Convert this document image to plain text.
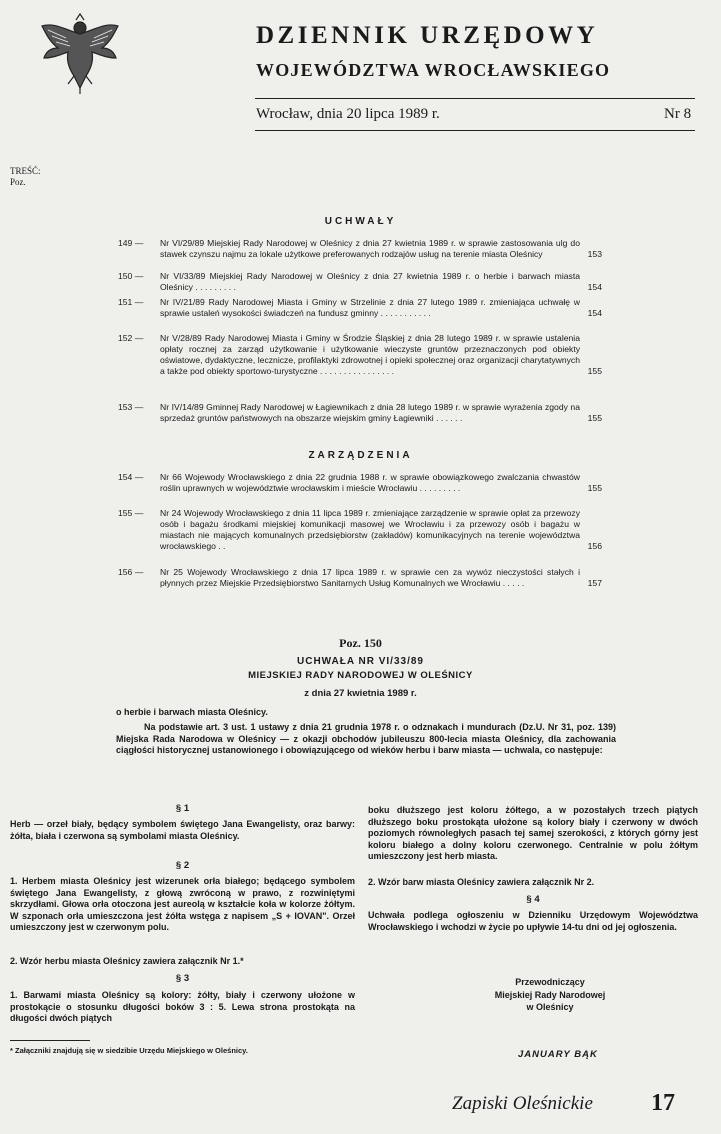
DZIENNIK URZĘDOWY
WOJEWÓDZTWA WROCŁAWSKIEGO
Wrocław, dnia 20 lipca 1989 r.	Nr 8
TREŚĆ:
Poz.
UCHWAŁY
149 —	Nr VI/29/89 Miejskiej Rady Narodowej w Oleśnicy z dnia 27 kwietnia 1989 r. w sprawie zastosowania ulg do stawek czynszu najmu za lokale użytkowe preferowanych rodzajów usług na terenie miasta Oleśnicy	153
150 —	Nr VI/33/89 Miejskiej Rady Narodowej w Oleśnicy z dnia 27 kwietnia 1989 r. o herbie i barwach miasta Oleśnicy . . . . . . . . .	154
151 —	Nr IV/21/89 Rady Narodowej Miasta i Gminy w Strzelinie z dnia 27 lutego 1989 r. zmieniająca uchwałę w sprawie ustaleń wysokości świadczeń na fundusz gminny . . . . . . . . . . .	154
152 —	Nr V/28/89 Rady Narodowej Miasta i Gminy w Środzie Śląskiej z dnia 28 lutego 1989 r. w sprawie ustalenia opłaty rocznej za zarząd użytkowanie i użytkowanie wieczyste gruntów przeznaczonych pod obiekty oświatowe, dydaktyczne, lecznicze, profilaktyki zdrowotnej i opieki społecznej oraz organizacji charytatywnych a także pod obiekty sportowo-turystyczne . . . . . . . . . . . . . . . .	155
153 —	Nr IV/14/89 Gminnej Rady Narodowej w Łagiewnikach z dnia 28 lutego 1989 r. w sprawie wyrażenia zgody na sprzedaż gruntów państwowych na obszarze wiejskim gminy Łagiewniki . . . . . .	155
ZARZĄDZENIA
154 —	Nr 66 Wojewody Wrocławskiego z dnia 22 grudnia 1988 r. w sprawie obowiązkowego zwalczania chwastów roślin uprawnych w województwie wrocławskim i mieście Wrocławiu . . . . . . . . .	155
155 —	Nr 24 Wojewody Wrocławskiego z dnia 11 lipca 1989 r. zmieniające zarządzenie w sprawie opłat za przewozy osób i bagażu środkami miejskiej komunikacji masowej we Wrocławiu i za przewozy osób i bagażu w miastach nie mających komunalnych przedsiębiorstw (zakładów) komunikacyjnych na terenie województwa wrocławskiego . .	156
156 —	Nr 25 Wojewody Wrocławskiego z dnia 17 lipca 1989 r. w sprawie cen za wywóz nieczystości stałych i płynnych przez Miejskie Przedsiębiorstwo Sanitarnych Usług Komunalnych we Wrocławiu . . . . .	157
Poz. 150
UCHWAŁA NR VI/33/89
MIEJSKIEJ RADY NARODOWEJ W OLEŚNICY
z dnia 27 kwietnia 1989 r.
o herbie i barwach miasta Oleśnicy.
Na podstawie art. 3 ust. 1 ustawy z dnia 21 grudnia 1978 r. o odznakach i mundurach (Dz.U. Nr 31, poz. 139) Miejska Rada Narodowa w Oleśnicy — z okazji obchodów jubileuszu 800-lecia miasta Oleśnicy, dla zachowania ciągłości historycznej ustanowionego i obowiązującego od wieków herbu i barw miasta — uchwala, co następuje:
§ 1
Herb — orzeł biały, będący symbolem świętego Jana Ewangelisty, oraz barwy: żółta, biała i czerwona są symbolami miasta Oleśnicy.
§ 2
1. Herbem miasta Oleśnicy jest wizerunek orła białego; będącego symbolem świętego Jana Ewangelisty, z głową zwróconą w prawo, z rozwiniętymi skrzydłami. Głowa orła otoczona jest aureolą w kształcie koła w kolorze żółtym. W szponach orła umieszczona jest żółta wstęga z napisem „S + IOVAN". Orzeł umieszczony jest w czerwonym polu.
2. Wzór herbu miasta Oleśnicy zawiera załącznik Nr 1.*
§ 3
1. Barwami miasta Oleśnicy są kolory: żółty, biały i czerwony ułożone w prostokącie o stosunku długości boków 3 : 5. Lewa strona prostokąta na długości dwóch piątych
* Załączniki znajdują się w siedzibie Urzędu Miejskiego w Oleśnicy.
boku dłuższego jest koloru żółtego, a w pozostałych trzech piątych dłuższego boku prostokąta ułożone są kolory biały i czerwony w dwóch poziomych równoległych pasach tej samej szerokości, z których górny jest koloru białego a dolny koloru czerwonego. Centralnie w polu żółtym umieszczony jest herb miasta.
2. Wzór barw miasta Oleśnicy zawiera załącznik Nr 2.
§ 4
Uchwała podlega ogłoszeniu w Dzienniku Urzędowym Województwa Wrocławskiego i wchodzi w życie po upływie 14-tu dni od jej ogłoszenia.
Przewodniczący
Miejskiej Rady Narodowej
w Oleśnicy
JANUARY BĄK
Zapiski Oleśnickie 17
